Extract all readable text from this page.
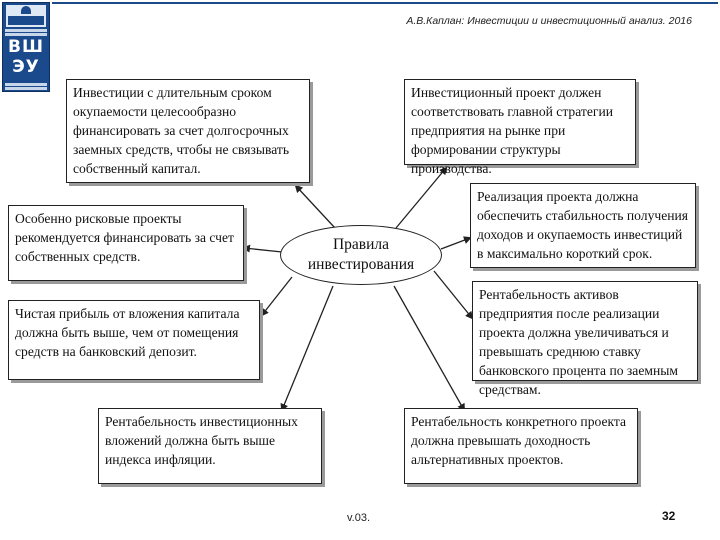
ВШ
ЭУ
А.В.Каплан: Инвестиции и инвестиционный анализ. 2016
Инвестиции с длительным сроком окупаемости целесообразно финансировать за счет долгосрочных заемных средств, чтобы не связывать собственный капитал.
Инвестиционный проект должен соответствовать главной стратегии предприятия на рынке при формировании структуры производства.
Особенно рисковые проекты рекомендуется финансировать за счет собственных средств.
Реализация проекта должна обеспечить стабильность получения доходов и окупаемость инвестиций в максимально короткий срок.
Чистая прибыль от вложения капитала должна быть выше, чем от помещения средств на банковский депозит.
Рентабельность активов предприятия после реализации проекта должна увеличиваться и превышать среднюю ставку банковского процента по заемным средствам.
Рентабельность инвестиционных вложений должна быть выше индекса инфляции.
Рентабельность конкретного проекта должна превышать доходность альтернативных проектов.
Правила инвестирования
v.03.	32
